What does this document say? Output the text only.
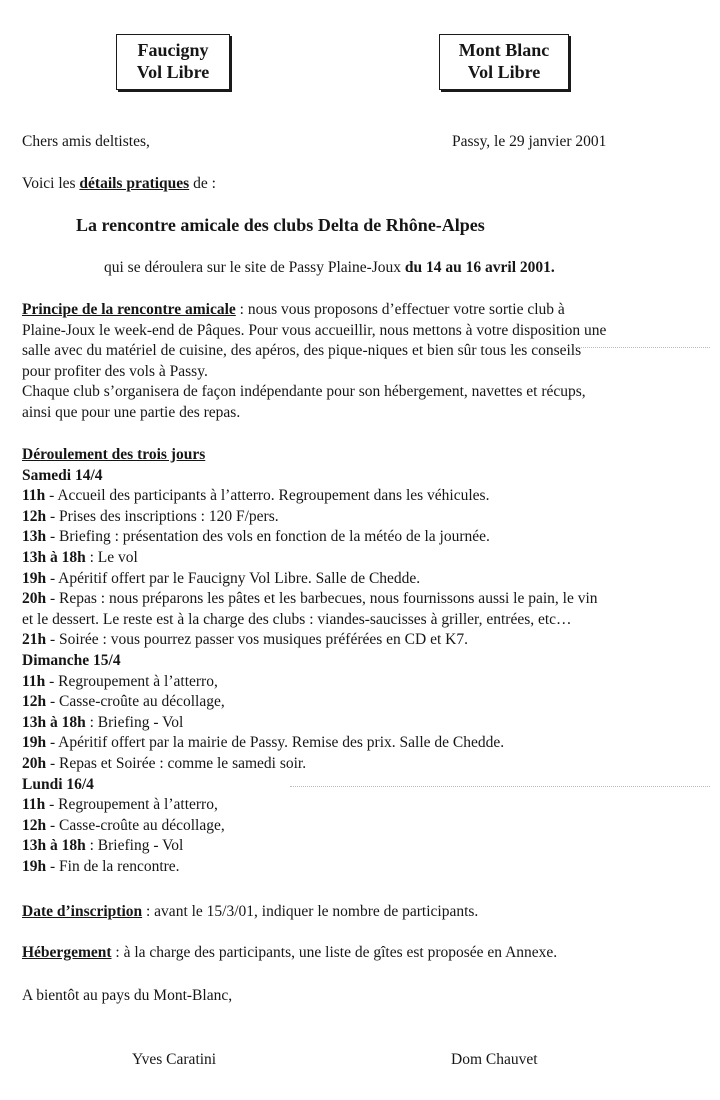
Faucigny
Vol Libre
Mont Blanc
Vol Libre
Chers amis deltistes,	Passy, le 29 janvier 2001
Voici les détails pratiques de :
La rencontre amicale des clubs Delta de Rhône-Alpes
qui se déroulera sur le site de Passy Plaine-Joux du 14 au 16 avril 2001.
Principe de la rencontre amicale : nous vous proposons d’effectuer votre sortie club à
Plaine-Joux le week-end de Pâques. Pour vous accueillir, nous mettons à votre disposition une
salle avec du matériel de cuisine, des apéros, des pique-niques et bien sûr tous les conseils
pour profiter des vols à Passy.
Chaque club s’organisera de façon indépendante pour son hébergement, navettes et récups,
ainsi que pour une partie des repas.
Déroulement des trois jours
Samedi 14/4
11h - Accueil des participants à l’atterro. Regroupement dans les véhicules.
12h - Prises des inscriptions : 120 F/pers.
13h - Briefing : présentation des vols en fonction de la météo de la journée.
13h à 18h : Le vol
19h - Apéritif offert par le Faucigny Vol Libre. Salle de Chedde.
20h - Repas : nous préparons les pâtes et les barbecues, nous fournissons aussi le pain, le vin
et le dessert. Le reste est à la charge des clubs : viandes-saucisses à griller, entrées, etc…
21h - Soirée : vous pourrez passer vos musiques préférées en CD et K7.
Dimanche 15/4
11h - Regroupement à l’atterro,
12h - Casse-croûte au décollage,
13h à 18h : Briefing - Vol
19h - Apéritif offert par la mairie de Passy. Remise des prix. Salle de Chedde.
20h - Repas et Soirée : comme le samedi soir.
Lundi 16/4
11h - Regroupement à l’atterro,
12h - Casse-croûte au décollage,
13h à 18h : Briefing - Vol
19h - Fin de la rencontre.
Date d’inscription : avant le 15/3/01, indiquer le nombre de participants.
Hébergement : à la charge des participants, une liste de gîtes est proposée en Annexe.
A bientôt au pays du Mont-Blanc,
Yves Caratini	Dom Chauvet
